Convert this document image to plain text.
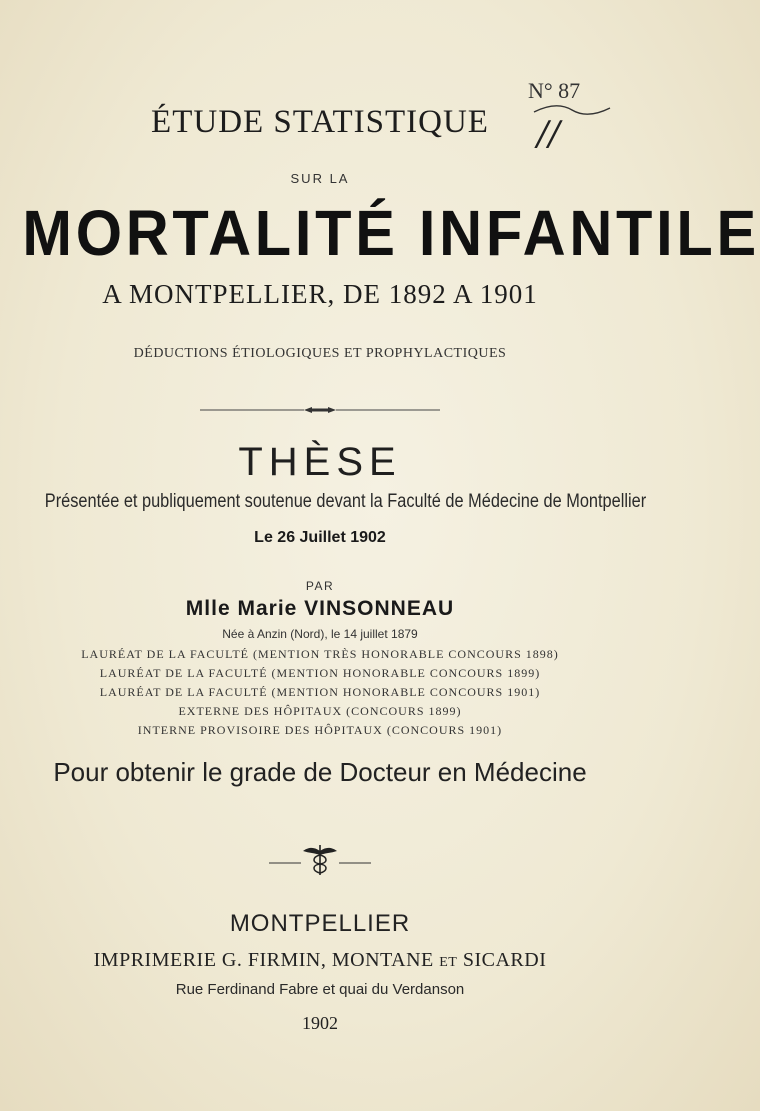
N° 87
//
ÉTUDE STATISTIQUE
SUR LA
MORTALITÉ INFANTILE
A MONTPELLIER, DE 1892 A 1901
DÉDUCTIONS ÉTIOLOGIQUES ET PROPHYLACTIQUES
THÈSE
Présentée et publiquement soutenue devant la Faculté de Médecine de Montpellier
Le 26 Juillet 1902
PAR
Mlle Marie VINSONNEAU
Née à Anzin (Nord), le 14 juillet 1879
LAURÉAT DE LA FACULTÉ (MENTION TRÈS HONORABLE CONCOURS 1898)
LAURÉAT DE LA FACULTÉ (MENTION HONORABLE CONCOURS 1899)
LAURÉAT DE LA FACULTÉ (MENTION HONORABLE CONCOURS 1901)
EXTERNE DES HÔPITAUX (CONCOURS 1899)
INTERNE PROVISOIRE DES HÔPITAUX (CONCOURS 1901)
Pour obtenir le grade de Docteur en Médecine
MONTPELLIER
IMPRIMERIE G. FIRMIN, MONTANE ET SICARDI
Rue Ferdinand Fabre et quai du Verdanson
1902
